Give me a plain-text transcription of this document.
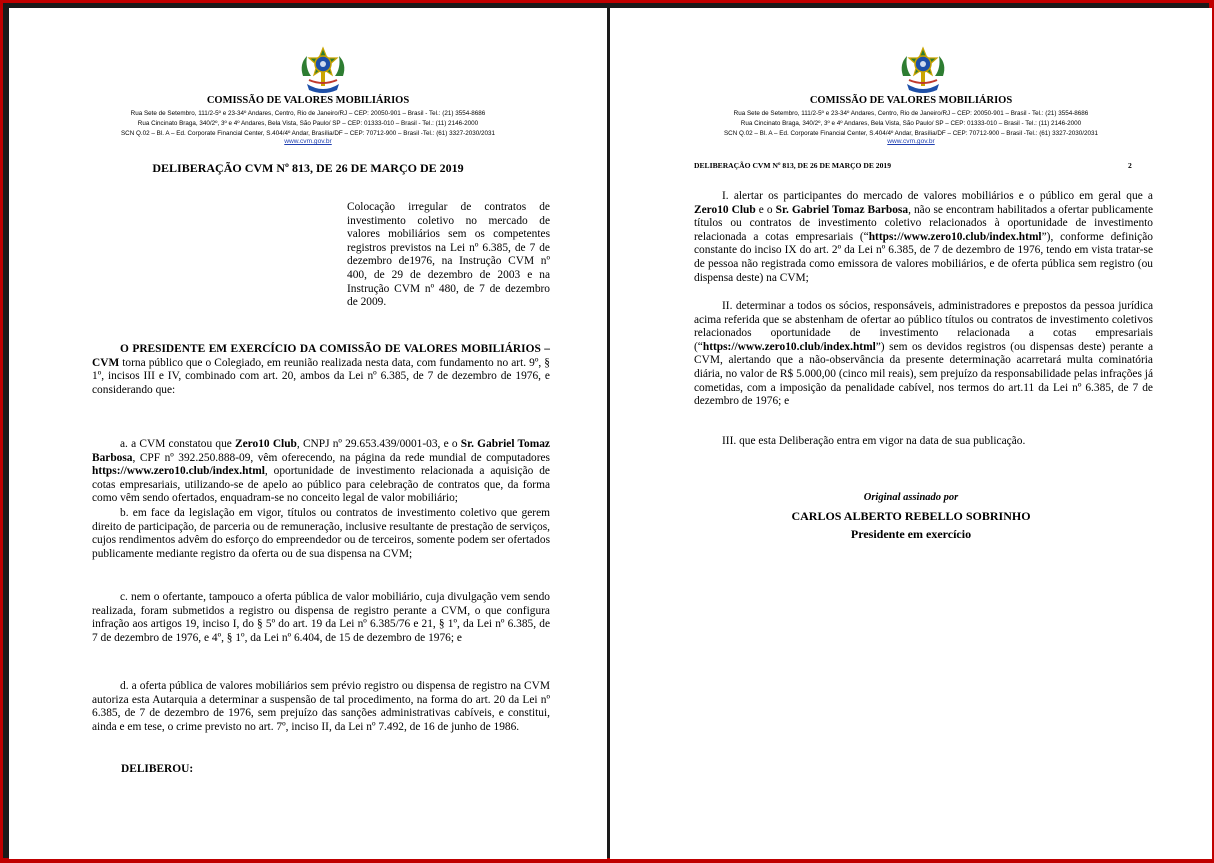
COMISSÃO DE VALORES MOBILIÁRIOS
Rua Sete de Setembro, 111/2-5º e 23-34º Andares, Centro, Rio de Janeiro/RJ – CEP: 20050-901 – Brasil - Tel.: (21) 3554-8686
Rua Cincinato Braga, 340/2º, 3º e 4º Andares, Bela Vista, São Paulo/ SP – CEP: 01333-010 – Brasil - Tel.: (11) 2146-2000
SCN Q.02 – Bl. A – Ed. Corporate Financial Center, S.404/4º Andar, Brasília/DF – CEP: 70712-900 – Brasil -Tel.: (61) 3327-2030/2031
www.cvm.gov.br
DELIBERAÇÃO CVM Nº 813, DE 26 DE MARÇO DE 2019

Colocação irregular de contratos de investimento coletivo no mercado de valores mobiliários sem os competentes registros previstos na Lei nº 6.385, de 7 de dezembro de1976, na Instrução CVM nº 400, de 29 de dezembro de 2003 e na Instrução CVM nº 480, de 7 de dezembro de 2009.

O PRESIDENTE EM EXERCÍCIO DA COMISSÃO DE VALORES MOBILIÁRIOS – CVM torna público que o Colegiado, em reunião realizada nesta data, com fundamento no art. 9º, § 1º, incisos III e IV, combinado com art. 20, ambos da Lei nº 6.385, de 7 de dezembro de 1976, e considerando que:

a. a CVM constatou que Zero10 Club, CNPJ nº 29.653.439/0001-03, e o Sr. Gabriel Tomaz Barbosa, CPF nº 392.250.888-09, vêm oferecendo, na página da rede mundial de computadores https://www.zero10.club/index.html, oportunidade de investimento relacionada a aquisição de cotas empresariais, utilizando-se de apelo ao público para celebração de contratos que, da forma como vêm sendo ofertados, enquadram-se no conceito legal de valor mobiliário;

b. em face da legislação em vigor, títulos ou contratos de investimento coletivo que gerem direito de participação, de parceria ou de remuneração, inclusive resultante de prestação de serviços, cujos rendimentos advêm do esforço do empreendedor ou de terceiros, somente podem ser ofertados publicamente mediante registro da oferta ou de sua dispensa na CVM;

c. nem o ofertante, tampouco a oferta pública de valor mobiliário, cuja divulgação vem sendo realizada, foram submetidos a registro ou dispensa de registro perante a CVM, o que configura infração aos artigos 19, inciso I, do § 5º do art. 19 da Lei nº 6.385/76 e 21, § 1º, da Lei nº 6.385, de 7 de dezembro de 1976, e 4º, § 1º, da Lei nº 6.404, de 15 de dezembro de 1976; e

d. a oferta pública de valores mobiliários sem prévio registro ou dispensa de registro na CVM autoriza esta Autarquia a determinar a suspensão de tal procedimento, na forma do art. 20 da Lei nº 6.385, de 7 de dezembro de 1976, sem prejuízo das sanções administrativas cabíveis, e constitui, ainda e em tese, o crime previsto no art. 7º, inciso II, da Lei nº 7.492, de 16 de junho de 1986.

DELIBEROU:

COMISSÃO DE VALORES MOBILIÁRIOS
Rua Sete de Setembro, 111/2-5º e 23-34º Andares, Centro, Rio de Janeiro/RJ – CEP: 20050-901 – Brasil - Tel.: (21) 3554-8686
Rua Cincinato Braga, 340/2º, 3º e 4º Andares, Bela Vista, São Paulo/ SP – CEP: 01333-010 – Brasil - Tel.: (11) 2146-2000
SCN Q.02 – Bl. A – Ed. Corporate Financial Center, S.404/4º Andar, Brasília/DF – CEP: 70712-900 – Brasil -Tel.: (61) 3327-2030/2031
www.cvm.gov.br
DELIBERAÇÃO CVM Nº 813, DE 26 DE MARÇO DE 2019	2

I. alertar os participantes do mercado de valores mobiliários e o público em geral que a Zero10 Club e o Sr. Gabriel Tomaz Barbosa, não se encontram habilitados a ofertar publicamente títulos ou contratos de investimento coletivo relacionados à oportunidade de investimento relacionada a cotas empresariais (“https://www.zero10.club/index.html”), conforme definição constante do inciso IX do art. 2º da Lei nº 6.385, de 7 de dezembro de 1976, tendo em vista tratar-se de pessoa não registrada como emissora de valores mobiliários, e de oferta pública sem registro (ou dispensa deste) na CVM;

II. determinar a todos os sócios, responsáveis, administradores e prepostos da pessoa jurídica acima referida que se abstenham de ofertar ao público títulos ou contratos de investimento coletivos relacionados oportunidade de investimento relacionada a cotas empresariais (“https://www.zero10.club/index.html”) sem os devidos registros (ou dispensas deste) perante a CVM, alertando que a não-observância da presente determinação acarretará multa cominatória diária, no valor de R$ 5.000,00 (cinco mil reais), sem prejuízo da responsabilidade pelas infrações já cometidas, com a imposição da penalidade cabível, nos termos do art.11 da Lei nº 6.385, de 7 de dezembro de 1976; e

III. que esta Deliberação entra em vigor na data de sua publicação.

Original assinado por
CARLOS ALBERTO REBELLO SOBRINHO
Presidente em exercício
